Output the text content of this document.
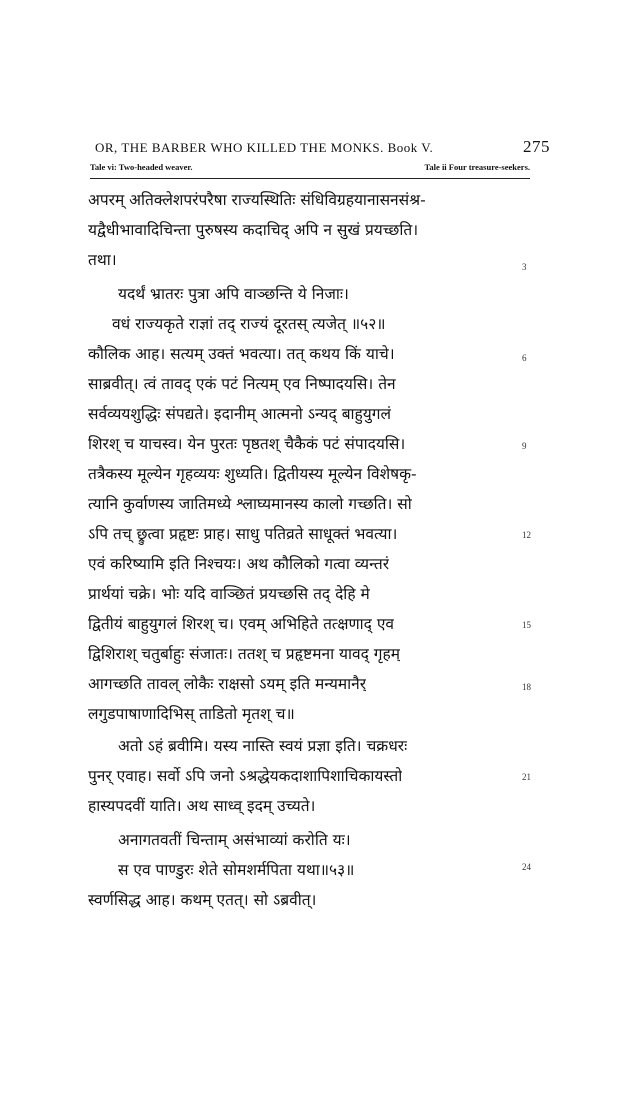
OR, THE BARBER WHO KILLED THE MONKS. Book V.	275
Tale vi: Two-headed weaver.	Tale ii Four treasure-seekers.
अपरम् अतिक्लेशपरंपरैषा राज्यस्थितिः संधिविग्रहयानासनसंश्र-
यद्वैधीभावादिचिन्ता पुरुषस्य कदाचिद् अपि न सुखं प्रयच्छति।
तथा।
यदर्थं भ्रातरः पुत्रा अपि वाञ्छन्ति ये निजाः।
वधं राज्यकृते राज्ञां तद् राज्यं दूरतस् त्यजेत् ॥५२॥
कौलिक आह। सत्यम् उक्तं भवत्या। तत् कथय किं याचे।
साब्रवीत्। त्वं तावद् एकं पटं नित्यम् एव निष्पादयसि। तेन
सर्वव्ययशुद्धिः संपद्यते। इदानीम् आत्मनो ऽन्यद् बाहुयुगलं
शिरश् च याचस्व। येन पुरतः पृष्ठतश् चैकैकं पटं संपादयसि।
तत्रैकस्य मूल्येन गृहव्ययः शुध्यति। द्वितीयस्य मूल्येन विशेषकृ-
त्यानि कुर्वाणस्य जातिमध्ये श्लाघ्यमानस्य कालो गच्छति। सो
ऽपि तच् छ्रुत्वा प्रहृष्टः प्राह। साधु पतिव्रते साधूक्तं भवत्या।
एवं करिष्यामि इति निश्चयः। अथ कौलिको गत्वा व्यन्तरं
प्रार्थयां चक्रे। भोः यदि वाञ्छितं प्रयच्छसि तद् देहि मे
द्वितीयं बाहुयुगलं शिरश् च। एवम् अभिहिते तत्क्षणाद् एव
द्विशिराश् चतुर्बाहुः संजातः। ततश् च प्रहृष्टमना यावद् गृहम्
आगच्छति तावल् लोकैः राक्षसो ऽयम् इति मन्यमानैर्
लगुडपाषाणादिभिस् ताडितो मृतश् च॥
अतो ऽहं ब्रवीमि। यस्य नास्ति स्वयं प्रज्ञा इति। चक्रधरः
पुनर् एवाह। सर्वो ऽपि जनो ऽश्रद्धेयकदाशापिशाचिकायस्तो
हास्यपदवीं याति। अथ साध्व् इदम् उच्यते।
अनागतवतीं चिन्ताम् असंभाव्यां करोति यः।
स एव पाण्डुरः शेते सोमशर्मपिता यथा॥५३॥
स्वर्णसिद्ध आह। कथम् एतत्। सो ऽब्रवीत्।
3
6
9
12
15
18
21
24
